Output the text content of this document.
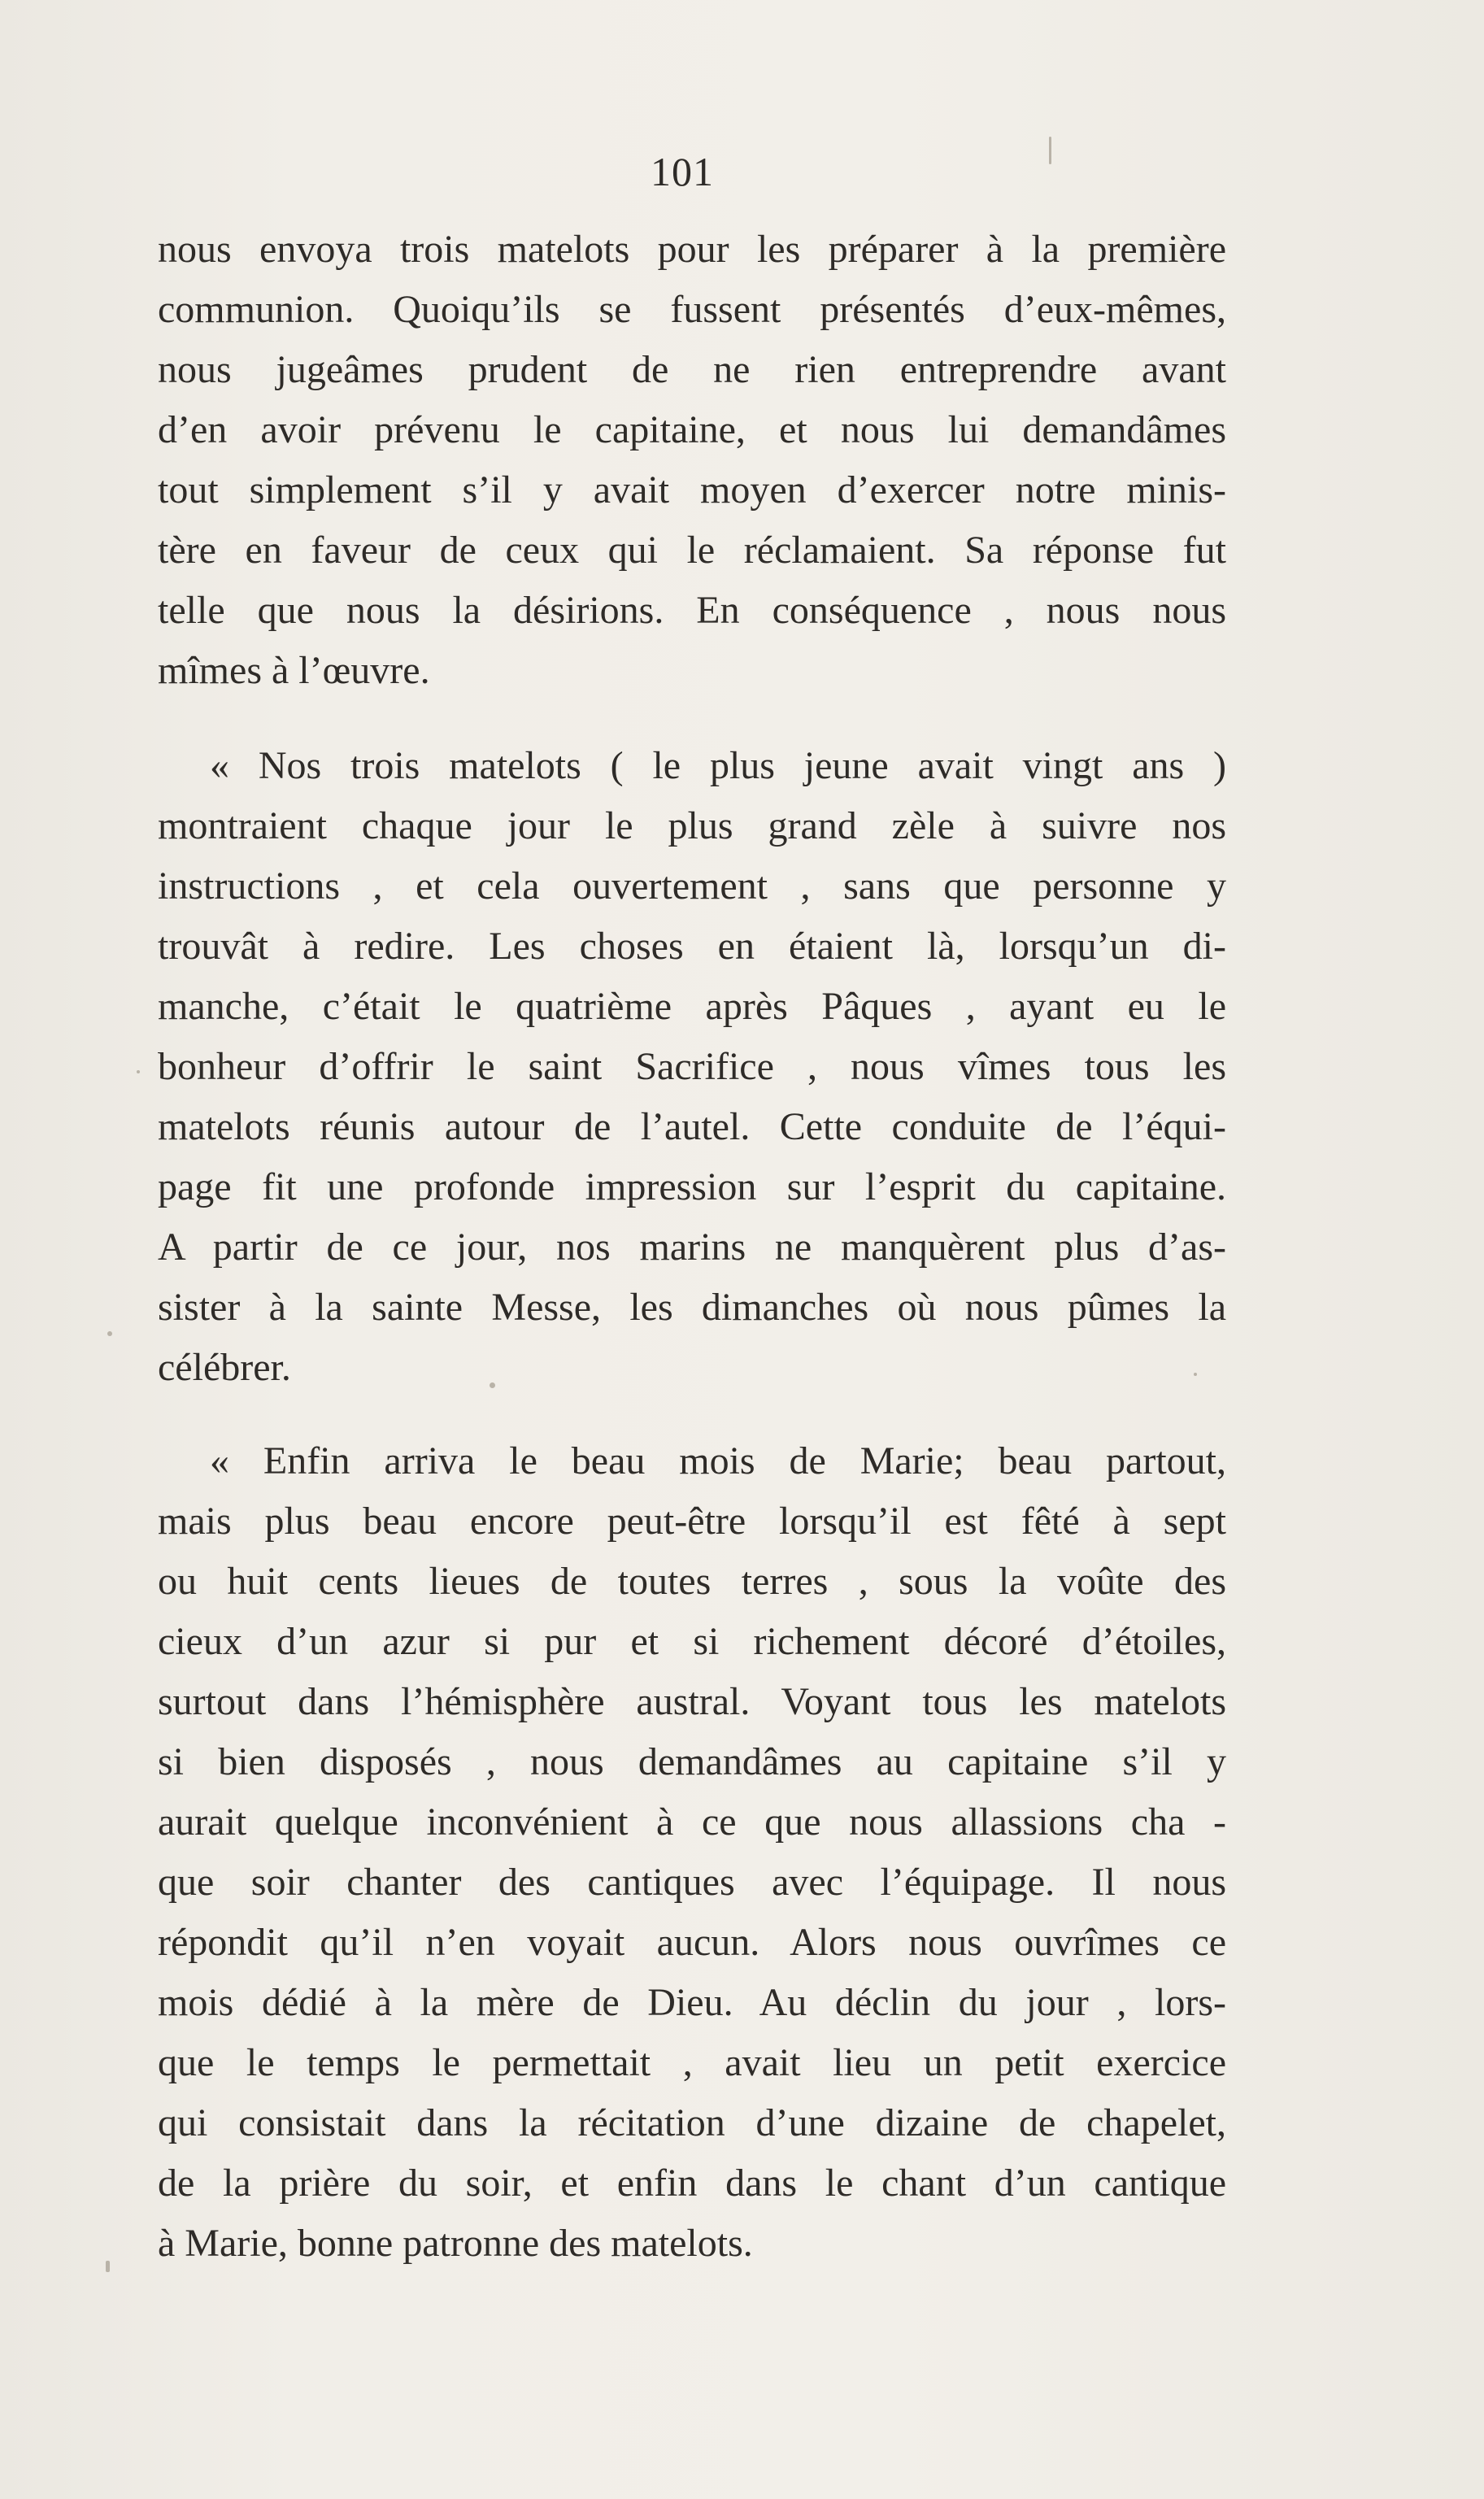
101
nous envoya trois matelots pour les préparer à la première
communion. Quoiqu’ils se fussent présentés d’eux-mêmes,
nous jugeâmes prudent de ne rien entreprendre avant
d’en avoir prévenu le capitaine, et nous lui demandâmes
tout simplement s’il y avait moyen d’exercer notre minis-
tère en faveur de ceux qui le réclamaient. Sa réponse fut
telle que nous la désirions. En conséquence , nous nous
mîmes à l’œuvre.
« Nos trois matelots ( le plus jeune avait vingt ans )
montraient chaque jour le plus grand zèle à suivre nos
instructions , et cela ouvertement , sans que personne y
trouvât à redire. Les choses en étaient là, lorsqu’un di-
manche, c’était le quatrième après Pâques , ayant eu le
bonheur d’offrir le saint Sacrifice , nous vîmes tous les
matelots réunis autour de l’autel. Cette conduite de l’équi-
page fit une profonde impression sur l’esprit du capitaine.
A partir de ce jour, nos marins ne manquèrent plus d’as-
sister à la sainte Messe, les dimanches où nous pûmes la
célébrer.
« Enfin arriva le beau mois de Marie; beau partout,
mais plus beau encore peut-être lorsqu’il est fêté à sept
ou huit cents lieues de toutes terres , sous la voûte des
cieux d’un azur si pur et si richement décoré d’étoiles,
surtout dans l’hémisphère austral. Voyant tous les matelots
si bien disposés , nous demandâmes au capitaine s’il y
aurait quelque inconvénient à ce que nous allassions cha -
que soir chanter des cantiques avec l’équipage. Il nous
répondit qu’il n’en voyait aucun. Alors nous ouvrîmes ce
mois dédié à la mère de Dieu. Au déclin du jour , lors-
que le temps le permettait , avait lieu un petit exercice
qui consistait dans la récitation d’une dizaine de chapelet,
de la prière du soir, et enfin dans le chant d’un cantique
à Marie, bonne patronne des matelots.
